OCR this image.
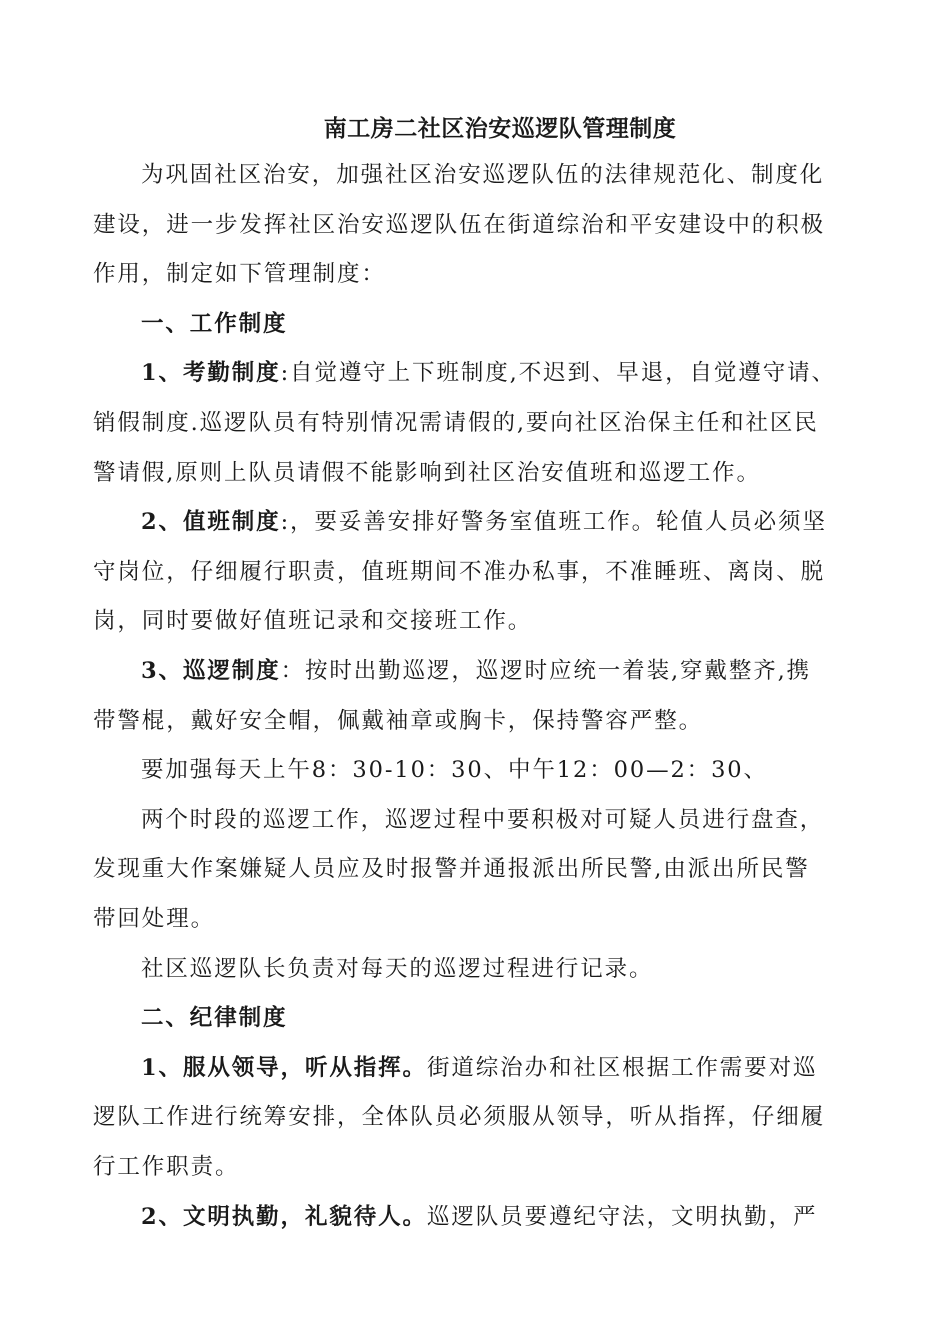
南工房二社区治安巡逻队管理制度
为巩固社区治安，加强社区治安巡逻队伍的法律规范化、制度化
建设，进一步发挥社区治安巡逻队伍在街道综治和平安建设中的积极
作用，制定如下管理制度：
一、工作制度
1、考勤制度:自觉遵守上下班制度,不迟到、早退，自觉遵守请、
销假制度.巡逻队员有特别情况需请假的,要向社区治保主任和社区民
警请假,原则上队员请假不能影响到社区治安值班和巡逻工作。
2、值班制度:，要妥善安排好警务室值班工作。轮值人员必须坚
守岗位，仔细履行职责，值班期间不准办私事，不准睡班、离岗、脱
岗，同时要做好值班记录和交接班工作。
3、巡逻制度：按时出勤巡逻，巡逻时应统一着装,穿戴整齐,携
带警棍，戴好安全帽，佩戴袖章或胸卡，保持警容严整。
要加强每天上午8：30-10：30、中午12：00—2：30、
两个时段的巡逻工作，巡逻过程中要积极对可疑人员进行盘查，
发现重大作案嫌疑人员应及时报警并通报派出所民警,由派出所民警
带回处理。
社区巡逻队长负责对每天的巡逻过程进行记录。
二、纪律制度
1、服从领导，听从指挥。街道综治办和社区根据工作需要对巡
逻队工作进行统筹安排，全体队员必须服从领导，听从指挥，仔细履
行工作职责。
2、文明执勤，礼貌待人。巡逻队员要遵纪守法，文明执勤，严
